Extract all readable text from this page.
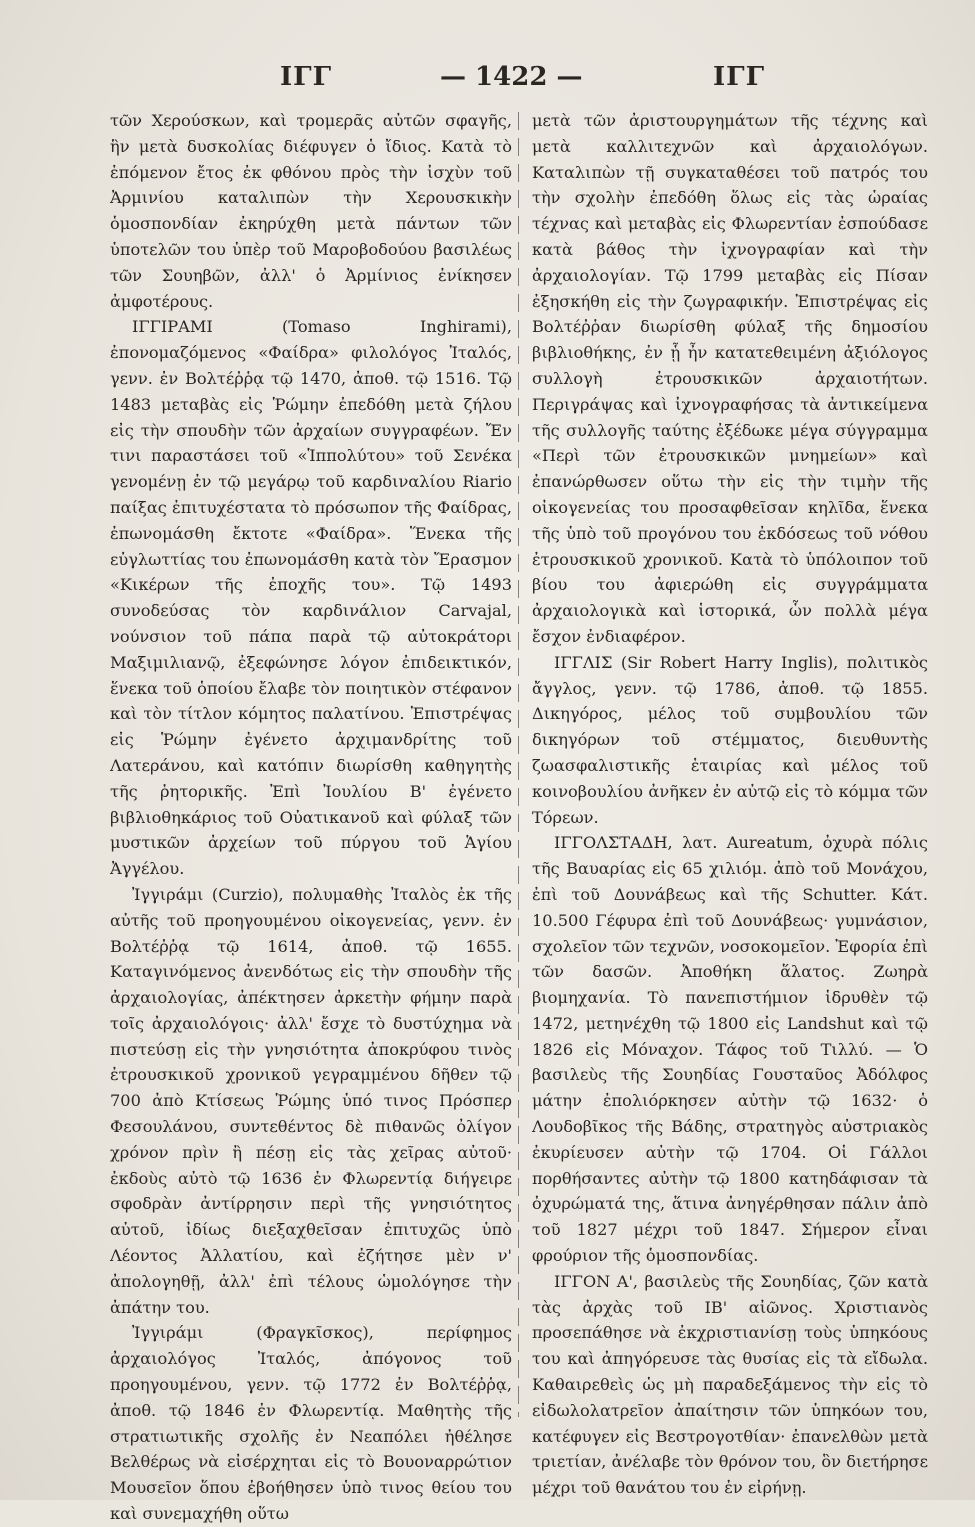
ΙΓΓ	— 1422 —	ΙΓΓ

τῶν Χερούσκων, καὶ τρομερᾶς αὐτῶν σφαγῆς, ἣν μετὰ δυσκολίας διέφυγεν ὁ ἴδιος. Κατὰ τὸ ἑπόμενον ἔτος ἐκ φθόνου πρὸς τὴν ἰσχὺν τοῦ Ἀρμινίου καταλιπὼν τὴν Χερουσκικὴν ὁμοσπονδίαν ἐκηρύχθη μετὰ πάντων τῶν ὑποτελῶν του ὑπὲρ τοῦ Μαροβοδούου βασιλέως τῶν Σουηβῶν, ἀλλ' ὁ Ἀρμίνιος ἐνίκησεν ἀμφοτέρους.

ΙΓΓΙΡΑΜΙ (Tomaso Inghirami), ἐπονομαζόμενος «Φαίδρα» φιλολόγος Ἰταλός, γενν. ἐν Βολτέῤῥᾳ τῷ 1470, ἀποθ. τῷ 1516. Τῷ 1483 μεταβὰς εἰς Ῥώμην ἐπεδόθη μετὰ ζήλου εἰς τὴν σπουδὴν τῶν ἀρχαίων συγγραφέων. Ἔν τινι παραστάσει τοῦ «Ἱππολύτου» τοῦ Σενέκα γενομένῃ ἐν τῷ μεγάρῳ τοῦ καρδιναλίου Riario παίξας ἐπιτυχέστατα τὸ πρόσωπον τῆς Φαίδρας, ἐπωνομάσθη ἔκτοτε «Φαίδρα». Ἕνεκα τῆς εὐγλωττίας του ἐπωνομάσθη κατὰ τὸν Ἔρασμον «Κικέρων τῆς ἐποχῆς του». Τῷ 1493 συνοδεύσας τὸν καρδινάλιον Carvajal, νούνσιον τοῦ πάπα παρὰ τῷ αὐτοκράτορι Μαξιμιλιανῷ, ἐξεφώνησε λόγον ἐπιδεικτικόν, ἕνεκα τοῦ ὁποίου ἔλαβε τὸν ποιητικὸν στέφανον καὶ τὸν τίτλον κόμητος παλατίνου. Ἐπιστρέψας εἰς Ῥώμην ἐγένετο ἀρχιμανδρίτης τοῦ Λατεράνου, καὶ κατόπιν διωρίσθη καθηγητὴς τῆς ῥητορικῆς. Ἐπὶ Ἰουλίου Β' ἐγένετο βιβλιοθηκάριος τοῦ Οὐατικανοῦ καὶ φύλαξ τῶν μυστικῶν ἀρχείων τοῦ πύργου τοῦ Ἁγίου Ἀγγέλου.

Ἰγγιράμι (Curzio), πολυμαθὴς Ἰταλὸς ἐκ τῆς αὐτῆς τοῦ προηγουμένου οἰκογενείας, γενν. ἐν Βολτέῤῥᾳ τῷ 1614, ἀποθ. τῷ 1655. Καταγινόμενος ἀνενδότως εἰς τὴν σπουδὴν τῆς ἀρχαιολογίας, ἀπέκτησεν ἀρκετὴν φήμην παρὰ τοῖς ἀρχαιολόγοις· ἀλλ' ἔσχε τὸ δυστύχημα νὰ πιστεύσῃ εἰς τὴν γνησιότητα ἀποκρύφου τινὸς ἐτρουσκικοῦ χρονικοῦ γεγραμμένου δῆθεν τῷ 700 ἀπὸ Κτίσεως Ῥώμης ὑπό τινος Πρόσπερ Φεσουλάνου, συντεθέντος δὲ πιθανῶς ὀλίγον χρόνον πρὶν ἢ πέσῃ εἰς τὰς χεῖρας αὐτοῦ· ἐκδοὺς αὐτὸ τῷ 1636 ἐν Φλωρεντίᾳ διήγειρε σφοδρὰν ἀντίρρησιν περὶ τῆς γνησιότητος αὐτοῦ, ἰδίως διεξαχθεῖσαν ἐπιτυχῶς ὑπὸ Λέοντος Ἀλλατίου, καὶ ἐζήτησε μὲν ν' ἀπολογηθῇ, ἀλλ' ἐπὶ τέλους ὡμολόγησε τὴν ἀπάτην του.

Ἰγγιράμι (Φραγκῖσκος), περίφημος ἀρχαιολόγος Ἰταλός, ἀπόγονος τοῦ προηγουμένου, γενν. τῷ 1772 ἐν Βολτέῤῥᾳ, ἀποθ. τῷ 1846 ἐν Φλωρεντίᾳ. Μαθητὴς τῆς στρατιωτικῆς σχολῆς ἐν Νεαπόλει ἠθέλησε Βελθέρως νὰ εἰσέρχηται εἰς τὸ Βουοναρρώτιον Μουσεῖον ὅπου ἐβοήθησεν ὑπὸ τινος θείου του καὶ συνεμαχήθη οὕτω

μετὰ τῶν ἀριστουργημάτων τῆς τέχνης καὶ μετὰ καλλιτεχνῶν καὶ ἀρχαιολόγων. Καταλιπὼν τῇ συγκαταθέσει τοῦ πατρός του τὴν σχολὴν ἐπεδόθη ὅλως εἰς τὰς ὡραίας τέχνας καὶ μεταβὰς εἰς Φλωρεντίαν ἐσπούδασε κατὰ βάθος τὴν ἰχνογραφίαν καὶ τὴν ἀρχαιολογίαν. Τῷ 1799 μεταβὰς εἰς Πίσαν ἐξησκήθη εἰς τὴν ζωγραφικήν. Ἐπιστρέψας εἰς Βολτέῤῥαν διωρίσθη φύλαξ τῆς δημοσίου βιβλιοθήκης, ἐν ᾗ ἦν κατατεθειμένη ἀξιόλογος συλλογὴ ἐτρουσκικῶν ἀρχαιοτήτων. Περιγράψας καὶ ἰχνογραφήσας τὰ ἀντικείμενα τῆς συλλογῆς ταύτης ἐξέδωκε μέγα σύγγραμμα «Περὶ τῶν ἐτρουσκικῶν μνημείων» καὶ ἐπανώρθωσεν οὕτω τὴν εἰς τὴν τιμὴν τῆς οἰκογενείας του προσαφθεῖσαν κηλῖδα, ἕνεκα τῆς ὑπὸ τοῦ προγόνου του ἐκδόσεως τοῦ νόθου ἐτρουσκικοῦ χρονικοῦ. Κατὰ τὸ ὑπόλοιπον τοῦ βίου του ἀφιερώθη εἰς συγγράμματα ἀρχαιολογικὰ καὶ ἱστορικά, ὧν πολλὰ μέγα ἔσχον ἐνδιαφέρον.

ΙΓΓΛΙΣ (Sir Robert Harry Inglis), πολιτικὸς ἄγγλος, γενν. τῷ 1786, ἀποθ. τῷ 1855. Δικηγόρος, μέλος τοῦ συμβουλίου τῶν δικηγόρων τοῦ στέμματος, διευθυντὴς ζωασφαλιστικῆς ἑταιρίας καὶ μέλος τοῦ κοινοβουλίου ἀνῆκεν ἐν αὐτῷ εἰς τὸ κόμμα τῶν Τόρεων.

ΙΓΓΟΛΣΤΑΔΗ, λατ. Aureatum, ὀχυρὰ πόλις τῆς Βαυαρίας εἰς 65 χιλιόμ. ἀπὸ τοῦ Μονάχου, ἐπὶ τοῦ Δουνάβεως καὶ τῆς Schutter. Κάτ. 10.500 Γέφυρα ἐπὶ τοῦ Δουνάβεως· γυμνάσιον, σχολεῖον τῶν τεχνῶν, νοσοκομεῖον. Ἐφορία ἐπὶ τῶν δασῶν. Ἀποθήκη ἅλατος. Ζωηρὰ βιομηχανία. Τὸ πανεπιστήμιον ἱδρυθὲν τῷ 1472, μετηνέχθη τῷ 1800 εἰς Landshut καὶ τῷ 1826 εἰς Μόναχον. Τάφος τοῦ Τιλλύ. — Ὁ βασιλεὺς τῆς Σουηδίας Γουσταῦος Ἀδόλφος μάτην ἐπολιόρκησεν αὐτὴν τῷ 1632· ὁ Λουδοβῖκος τῆς Βάδης, στρατηγὸς αὐστριακὸς ἐκυρίευσεν αὐτὴν τῷ 1704. Οἱ Γάλλοι πορθήσαντες αὐτὴν τῷ 1800 κατηδάφισαν τὰ ὀχυρώματά της, ἅτινα ἀνηγέρθησαν πάλιν ἀπὸ τοῦ 1827 μέχρι τοῦ 1847. Σήμερον εἶναι φρούριον τῆς ὁμοσπονδίας.

ΙΓΓΟΝ Α', βασιλεὺς τῆς Σουηδίας, ζῶν κατὰ τὰς ἀρχὰς τοῦ ΙΒ' αἰῶνος. Χριστιανὸς προσεπάθησε νὰ ἐκχριστιανίσῃ τοὺς ὑπηκόους του καὶ ἀπηγόρευσε τὰς θυσίας εἰς τὰ εἴδωλα. Καθαιρεθεὶς ὡς μὴ παραδεξάμενος τὴν εἰς τὸ εἰδωλολατρεῖον ἀπαίτησιν τῶν ὑπηκόων του, κατέφυγεν εἰς Βεστρογοτθίαν· ἐπανελθὼν μετὰ τριετίαν, ἀνέλαβε τὸν θρόνον του, ὃν διετήρησε μέχρι τοῦ θανάτου του ἐν εἰρήνῃ.
